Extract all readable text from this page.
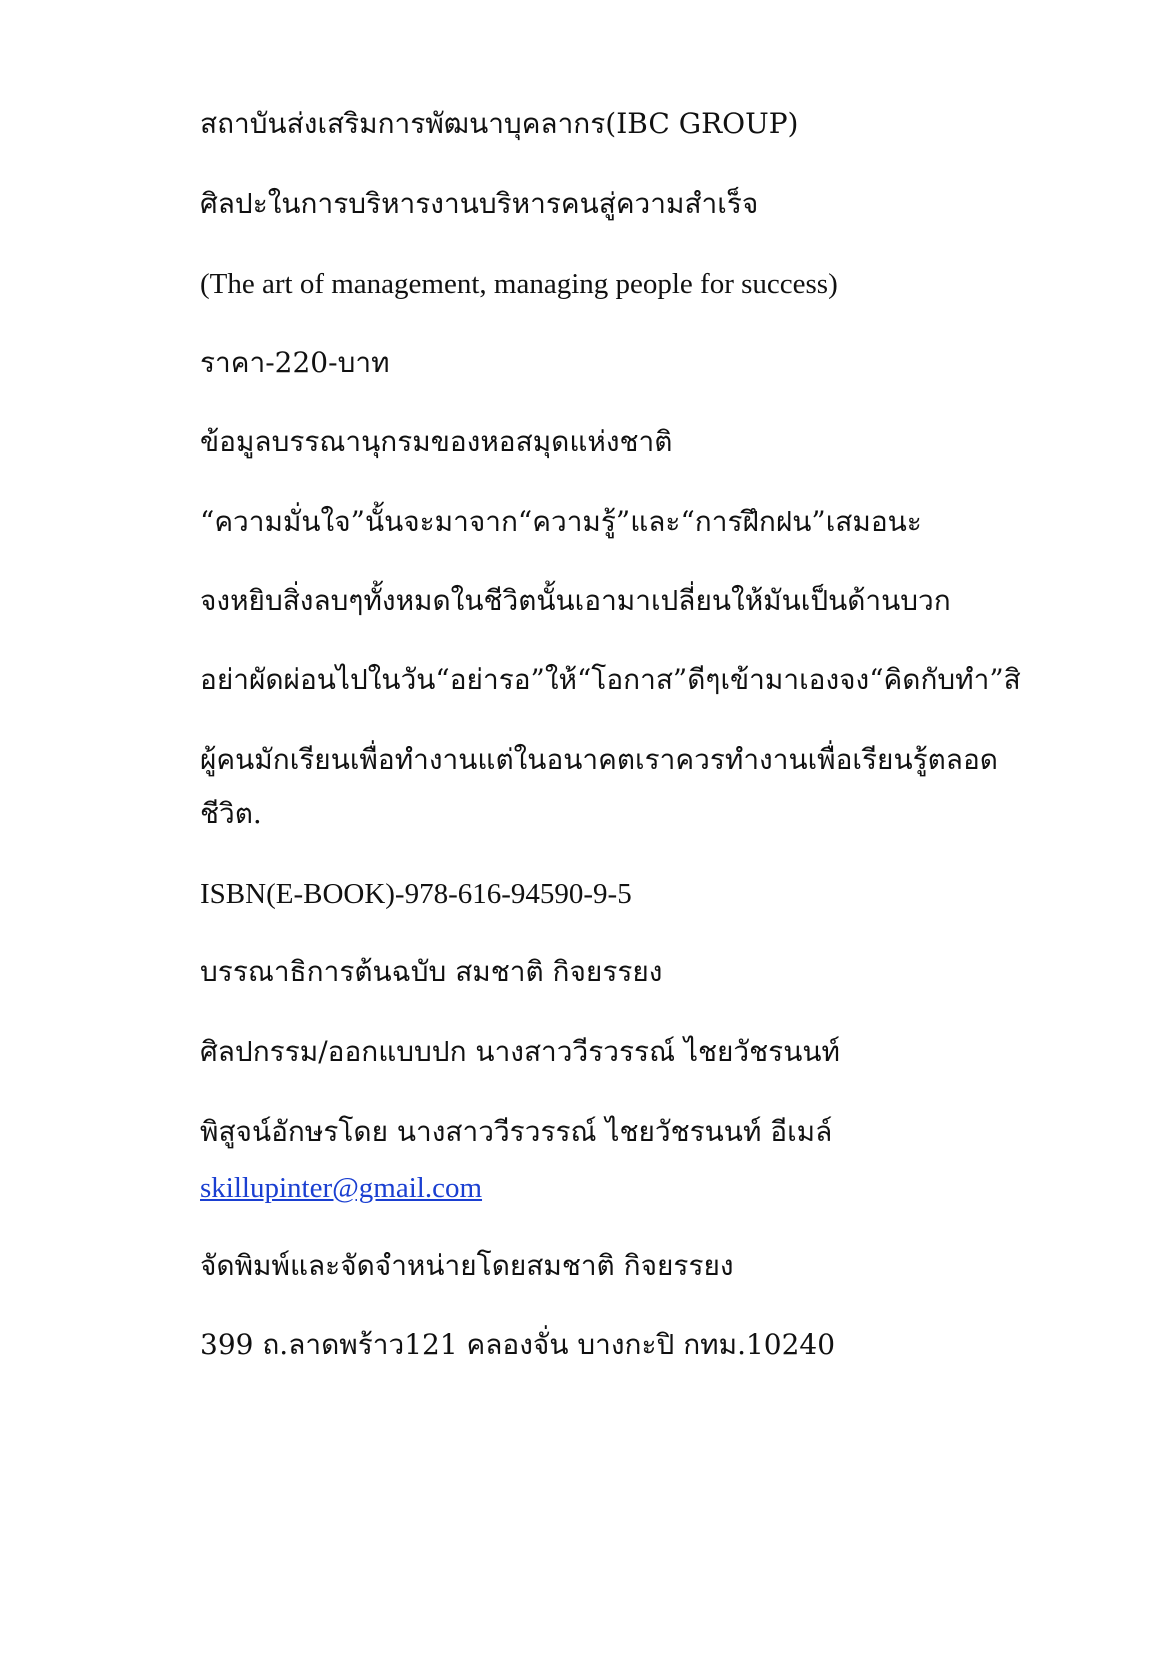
สถาบันส่งเสริมการพัฒนาบุคลากร(IBC GROUP)

ศิลปะในการบริหารงานบริหารคนสู่ความสำเร็จ

(The art of management, managing people for success)

ราคา-220-บาท

ข้อมูลบรรณานุกรมของหอสมุดแห่งชาติ

“ความมั่นใจ”นั้นจะมาจาก“ความรู้”และ“การฝึกฝน”เสมอนะ

จงหยิบสิ่งลบๆทั้งหมดในชีวิตนั้นเอามาเปลี่ยนให้มันเป็นด้านบวก

อย่าผัดผ่อนไปในวัน“อย่ารอ”ให้“โอกาส”ดีๆเข้ามาเองจง“คิดกับทำ”สิ

ผู้คนมักเรียนเพื่อทำงานแต่ในอนาคตเราควรทำงานเพื่อเรียนรู้ตลอด

ชีวิต.

ISBN(E-BOOK)-978-616-94590-9-5

บรรณาธิการต้นฉบับ สมชาติ กิจยรรยง

ศิลปกรรม/ออกแบบปก นางสาววีรวรรณ์ ไชยวัชรนนท์

พิสูจน์อักษรโดย นางสาววีรวรรณ์ ไชยวัชรนนท์ อีเมล์

skillupinter@gmail.com

จัดพิมพ์และจัดจำหน่ายโดยสมชาติ กิจยรรยง

399 ถ.ลาดพร้าว121 คลองจั่น บางกะปิ กทม.10240
